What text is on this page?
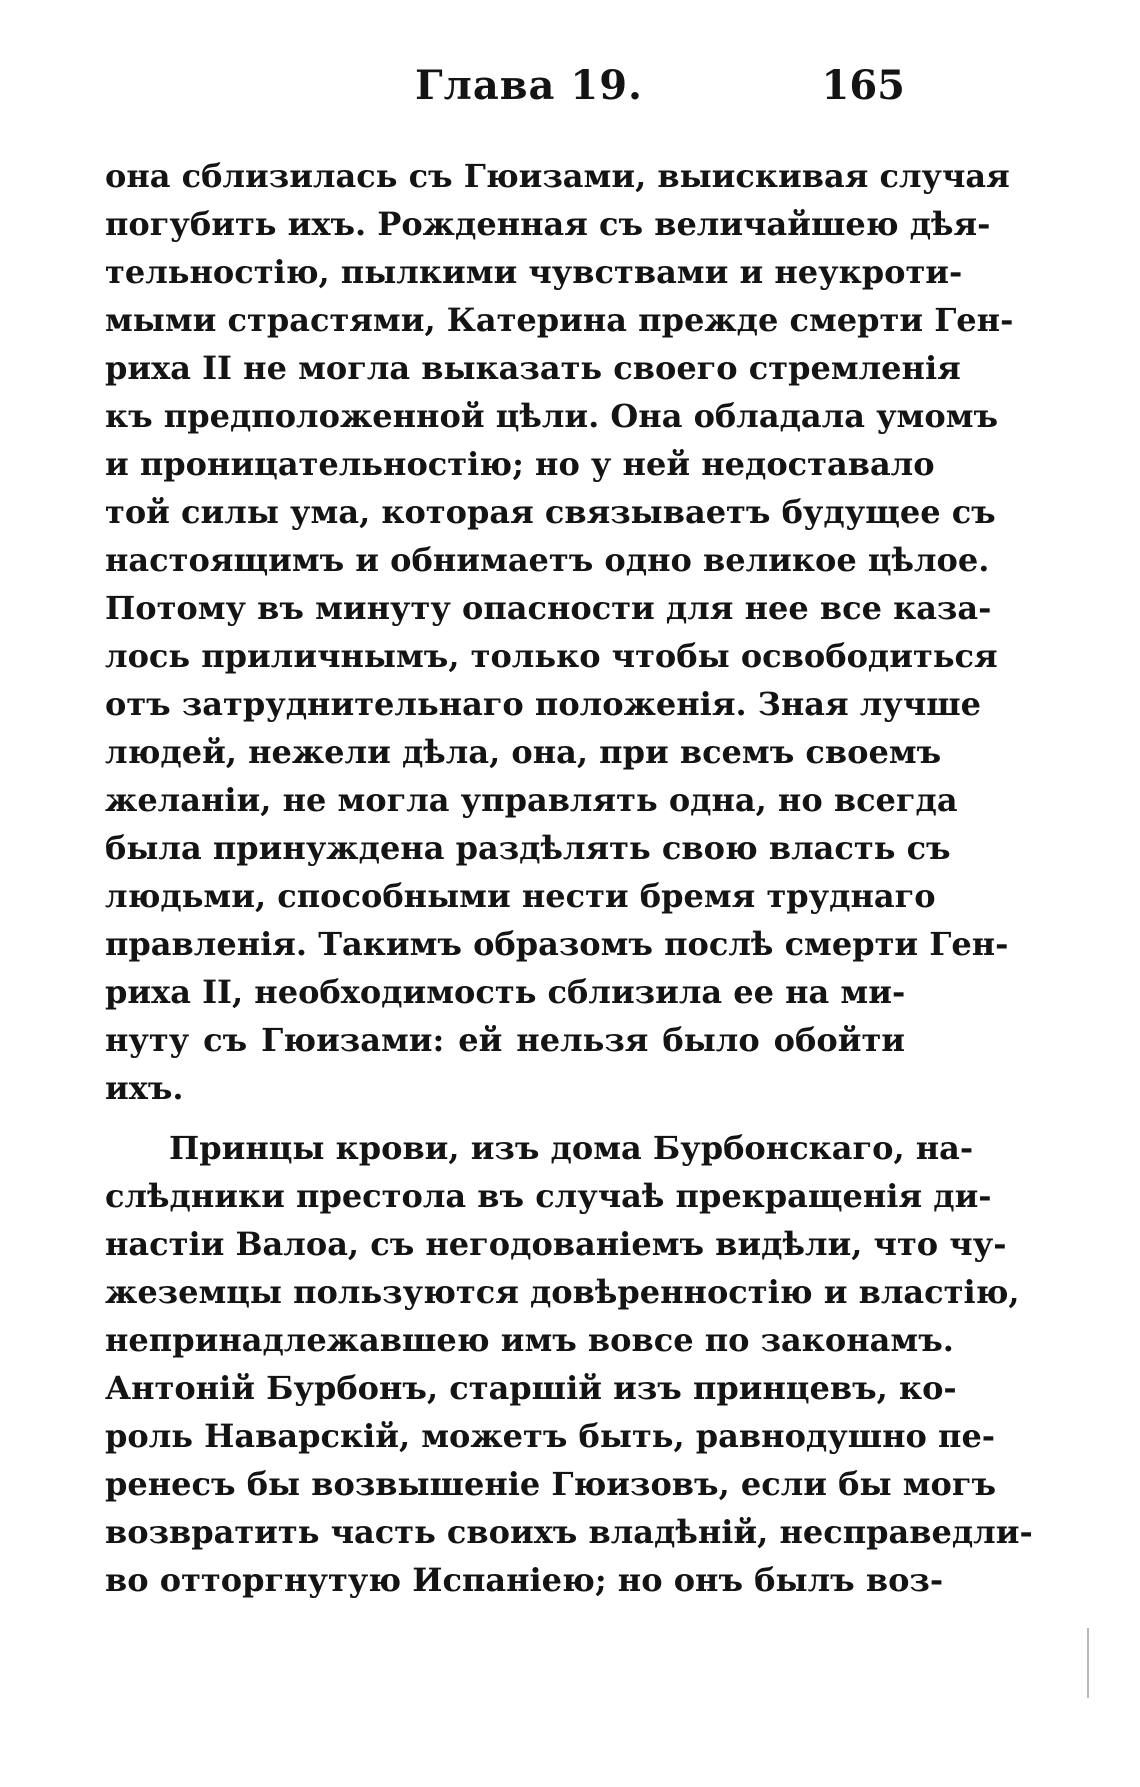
Глава 19.	165
она сблизилась съ Гюизами, выискивая случая
погубить ихъ. Рожденная съ величайшею дѣя-
тельностію, пылкими чувствами и неукроти-
мыми страстями, Катерина прежде смерти Ген-
риха II не могла выказать своего стремленія
къ предположенной цѣли. Она обладала умомъ
и проницательностію; но у ней недоставало
той силы ума, которая связываетъ будущее съ
настоящимъ и обнимаетъ одно великое цѣлое.
Потому въ минуту опасности для нее все каза-
лось приличнымъ, только чтобы освободиться
отъ затруднительнаго положенія. Зная лучше
людей, нежели дѣла, она, при всемъ своемъ
желаніи, не могла управлять одна, но всегда
была принуждена раздѣлять свою власть съ
людьми, способными нести бремя труднаго
правленія. Такимъ образомъ послѣ смерти Ген-
риха II, необходимость сблизила ее на ми-
нуту съ Гюизами: ей нельзя было обойти
ихъ.
Принцы крови, изъ дома Бурбонскаго, на-
слѣдники престола въ случаѣ прекращенія ди-
настіи Валоа, съ негодованіемъ видѣли, что чу-
жеземцы пользуются довѣренностію и властію,
непринадлежавшею имъ вовсе по законамъ.
Антоній Бурбонъ, старшій изъ принцевъ, ко-
роль Наварскій, можетъ быть, равнодушно пе-
ренесъ бы возвышеніе Гюизовъ, если бы могъ
возвратить часть своихъ владѣній, несправедли-
во отторгнутую Испаніею; но онъ былъ воз-
